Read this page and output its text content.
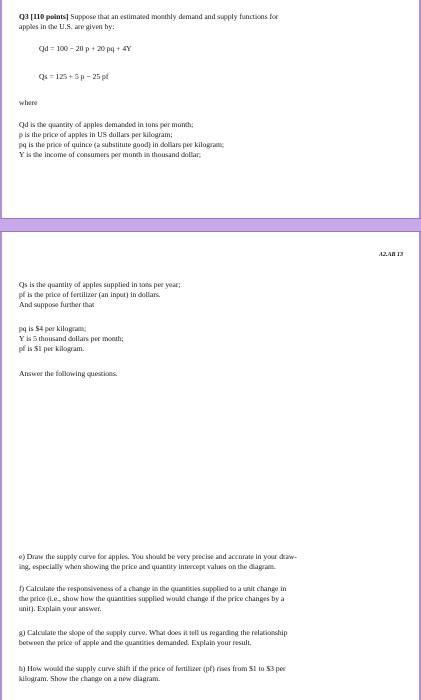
Q3 [110 points] Suppose that an estimated monthly demand and supply functions for
apples in the U.S. are given by:
Qd = 100 − 20 p + 20 pq + 4Y
Qs = 125 + 5 p − 25 pf
where
Qd is the quantity of apples demanded in tons per month;
p is the price of apples in US dollars per kilogram;
pq is the price of quince (a substitute good) in dollars per kilogram;
Y is the income of consumers per month in thousand dollar;
A2.AB 13
Qs is the quantity of apples supplied in tons per year;
pf is the price of fertilizer (an input) in dollars.
And suppose further that
pq is $4 per kilogram;
Y is 5 thousand dollars per month;
pf is $1 per kilogram.
Answer the following questions.
e) Draw the supply curve for apples. You should be very precise and accurate in your draw-
ing, especially when showing the price and quantity intercept values on the diagram.
f) Calculate the responsiveness of a change in the quantities supplied to a unit change in
the price (i.e., show how the quantities supplied would change if the price changes by a
unit). Explain your answer.
g) Calculate the slope of the supply curve. What does it tell us regarding the relationship
between the price of apple and the quantities demanded. Explain your result.
h) How would the supply curve shift if the price of fertilizer (pf) rises from $1 to $3 per
kilogram. Show the change on a new diagram.
